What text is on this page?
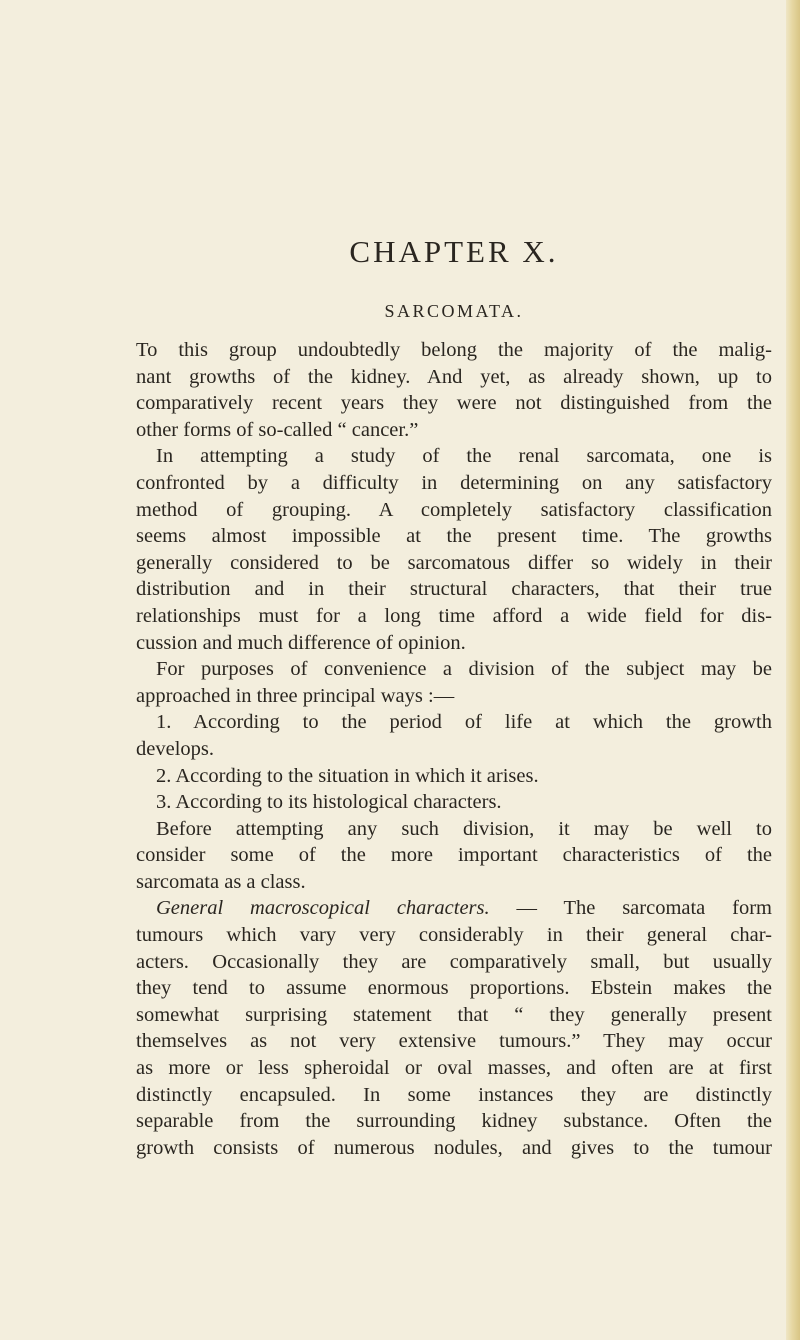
CHAPTER X.
SARCOMATA.
To this group undoubtedly belong the majority of the malig-
nant growths of the kidney. And yet, as already shown, up to
comparatively recent years they were not distinguished from the
other forms of so-called “ cancer.”
In attempting a study of the renal sarcomata, one is
confronted by a difficulty in determining on any satisfactory
method of grouping. A completely satisfactory classification
seems almost impossible at the present time. The growths
generally considered to be sarcomatous differ so widely in their
distribution and in their structural characters, that their true
relationships must for a long time afford a wide field for dis-
cussion and much difference of opinion.
For purposes of convenience a division of the subject may be
approached in three principal ways :—
1. According to the period of life at which the growth
develops.
2. According to the situation in which it arises.
3. According to its histological characters.
Before attempting any such division, it may be well to
consider some of the more important characteristics of the
sarcomata as a class.
General macroscopical characters. — The sarcomata form
tumours which vary very considerably in their general char-
acters. Occasionally they are comparatively small, but usually
they tend to assume enormous proportions. Ebstein makes the
somewhat surprising statement that “ they generally present
themselves as not very extensive tumours.” They may occur
as more or less spheroidal or oval masses, and often are at first
distinctly encapsuled. In some instances they are distinctly
separable from the surrounding kidney substance. Often the
growth consists of numerous nodules, and gives to the tumour
